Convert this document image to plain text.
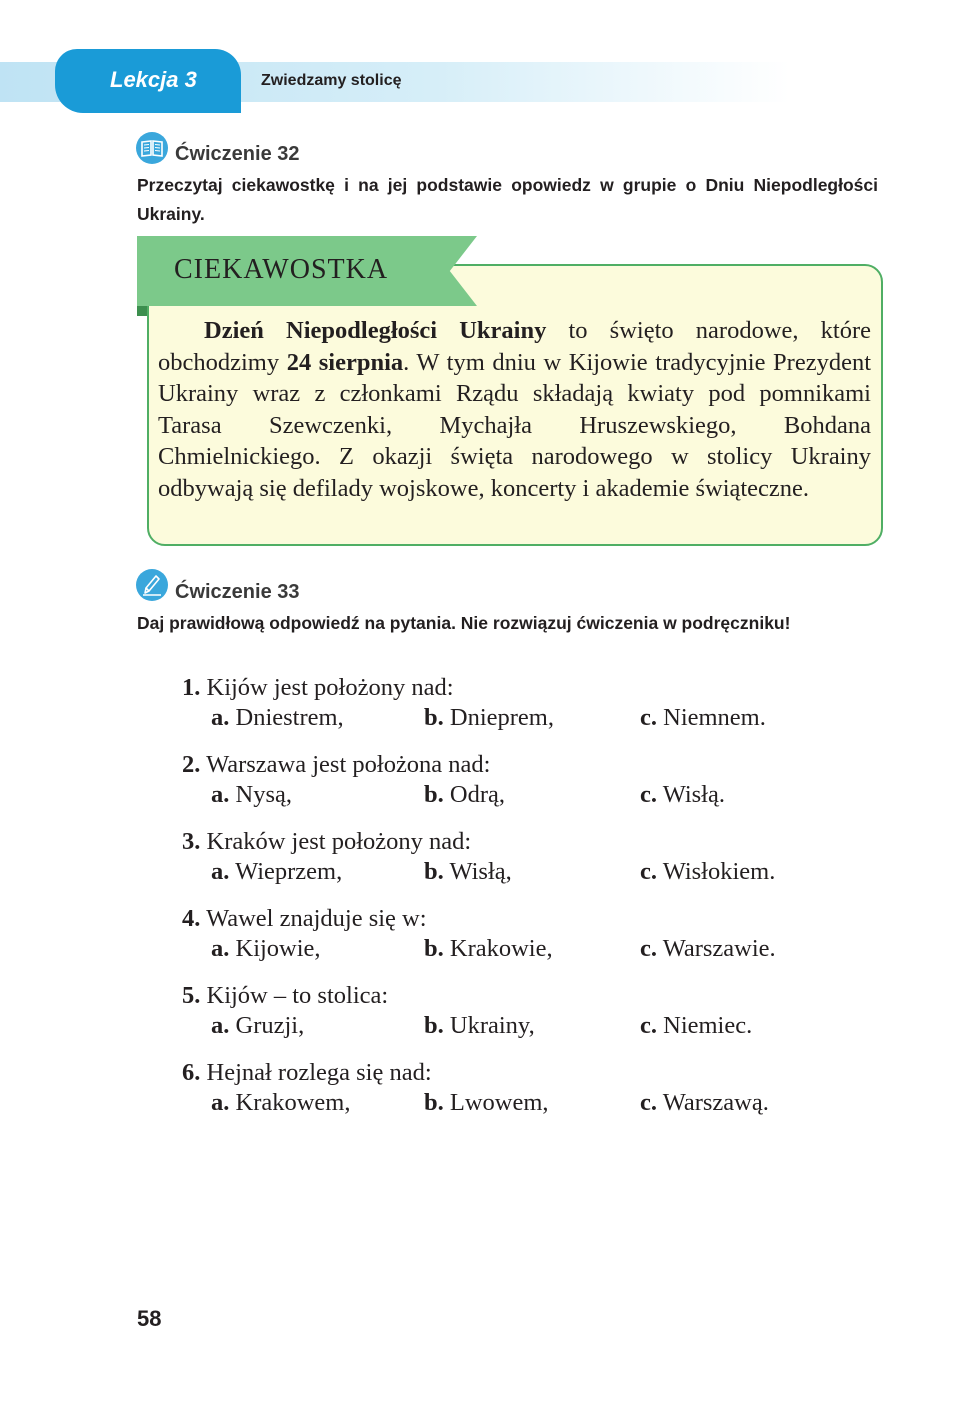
Lekcja 3	Zwiedzamy stolicę
Ćwiczenie 32
Przeczytaj ciekawostkę i na jej podstawie opowiedz w grupie o Dniu Niepodległości Ukrainy.
CIEKAWOSTKA
Dzień Niepodległości Ukrainy to święto narodowe, które obchodzimy 24 sierpnia. W tym dniu w Kijowie tradycyjnie Prezydent Ukrainy wraz z członkami Rządu składają kwiaty pod pomnikami Tarasa Szewczenki, Mychajła Hruszewskiego, Bohdana Chmielnickiego. Z okazji święta narodowego w stolicy Ukrainy odbywają się defilady wojskowe, koncerty i akademie świąteczne.
Ćwiczenie 33
Daj prawidłową odpowiedź na pytania. Nie rozwiązuj ćwiczenia w podręczniku!
1. Kijów jest położony nad:
a. Dniestrem,	b. Dnieprem,	c. Niemnem.
2. Warszawa jest położona nad:
a. Nysą,	b. Odrą,	c. Wisłą.
3. Kraków jest położony nad:
a. Wieprzem,	b. Wisłą,	c. Wisłokiem.
4. Wawel znajduje się w:
a. Kijowie,	b. Krakowie,	c. Warszawie.
5. Kijów – to stolica:
a. Gruzji,	b. Ukrainy,	c. Niemiec.
6. Hejnał rozlega się nad:
a. Krakowem,	b. Lwowem,	c. Warszawą.
58
